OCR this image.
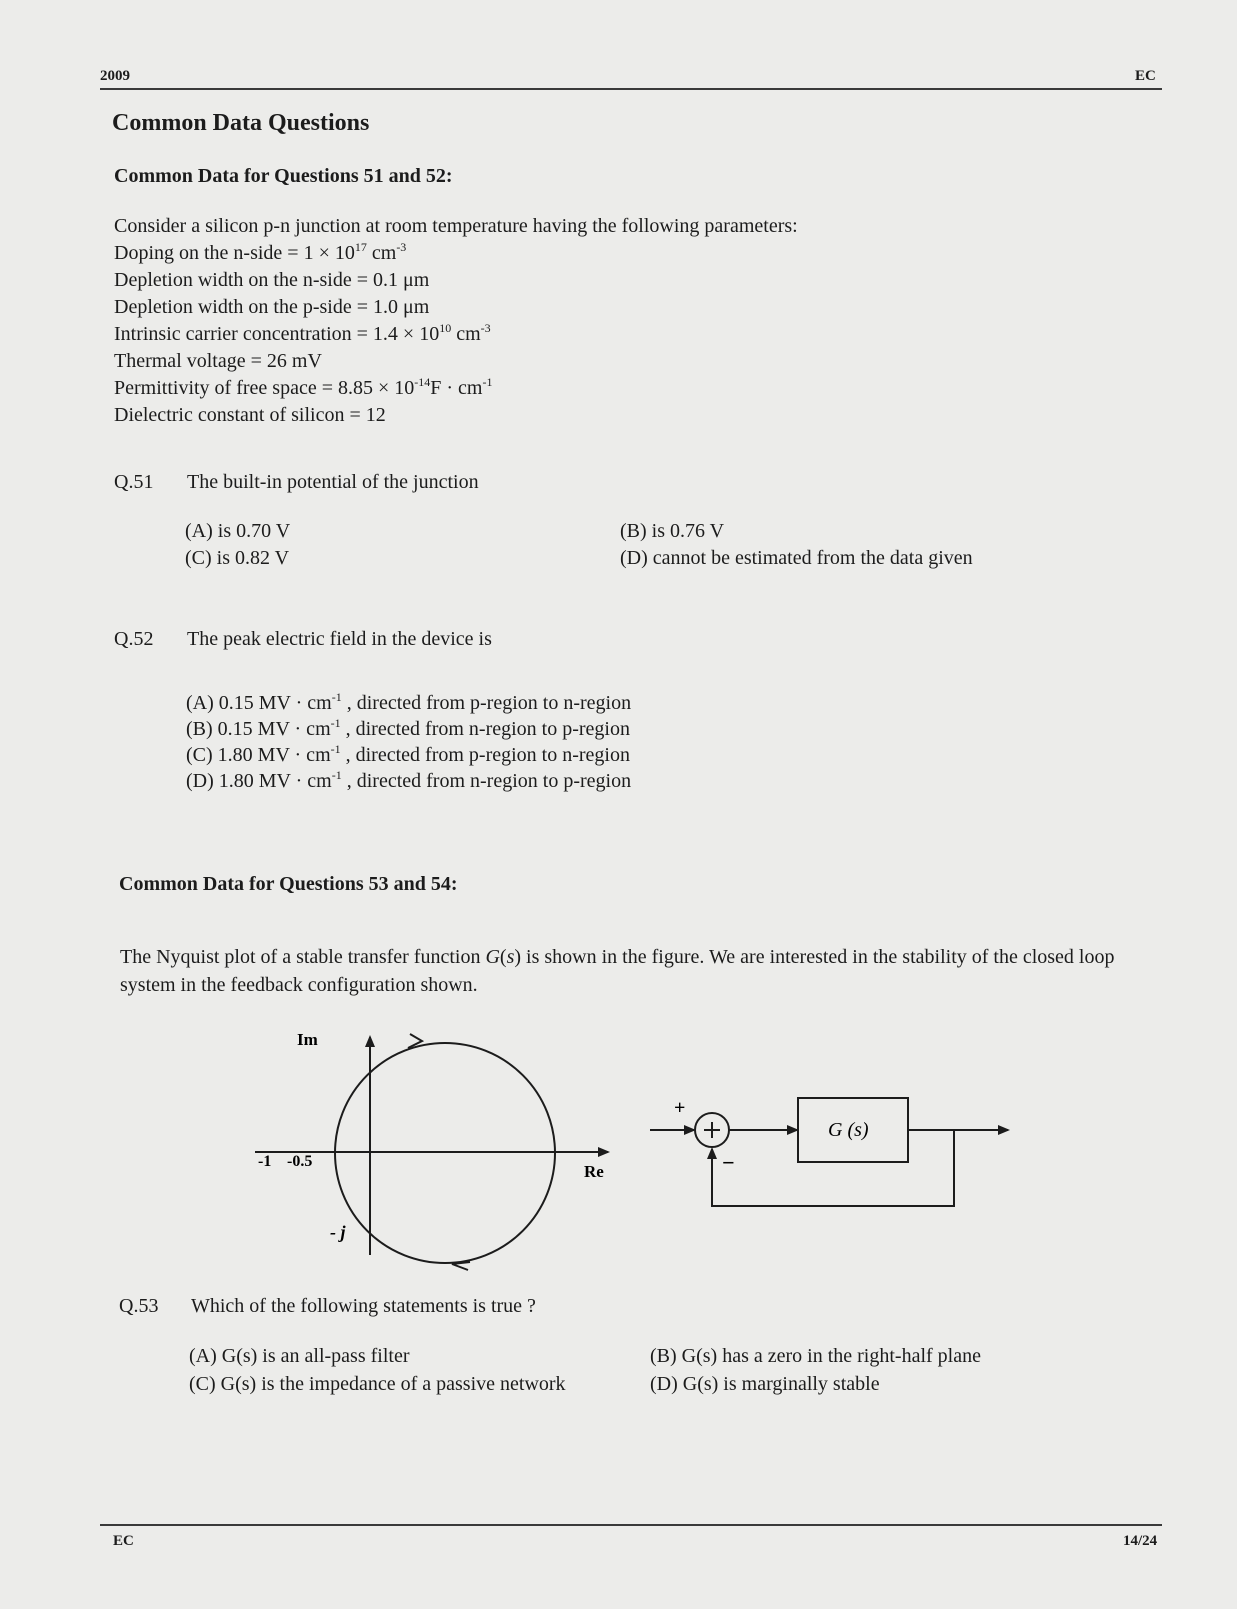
2009	EC
Common Data Questions
Common Data for Questions 51 and 52:
Consider a silicon p-n junction at room temperature having the following parameters:
Doping on the n-side = $1 \times 10^{17}$ $cm^{-3}$
Depletion width on the n-side = 0.1 μm
Depletion width on the p-side = 1.0 μm
Intrinsic carrier concentration = $1.4 \times 10^{10}$ $cm^{-3}$
Thermal voltage = 26 mV
Permittivity of free space = $8.85 \times 10^{-14}F \cdot cm^{-1}$
Dielectric constant of silicon = 12
Q.51 The built-in potential of the junction
(A) is 0.70 V	(B) is 0.76 V
(C) is 0.82 V	(D) cannot be estimated from the data given
Q.52 The peak electric field in the device is
(A) 0.15 MV · $cm^{-1}$ , directed from p-region to n-region
(B) 0.15 MV · $cm^{-1}$ , directed from n-region to p-region
(C) 1.80 MV · $cm^{-1}$ , directed from p-region to n-region
(D) 1.80 MV · $cm^{-1}$ , directed from n-region to p-region
Common Data for Questions 53 and 54:
The Nyquist plot of a stable transfer function G(s) is shown in the figure. We are interested in the stability of the closed loop system in the feedback configuration shown.
Im
Re
-1 -0.5
- j
+
−
G (s)
Q.53 Which of the following statements is true ?
(A) G(s) is an all-pass filter	(B) G(s) has a zero in the right-half plane
(C) G(s) is the impedance of a passive network	(D) G(s) is marginally stable
EC	14/24
